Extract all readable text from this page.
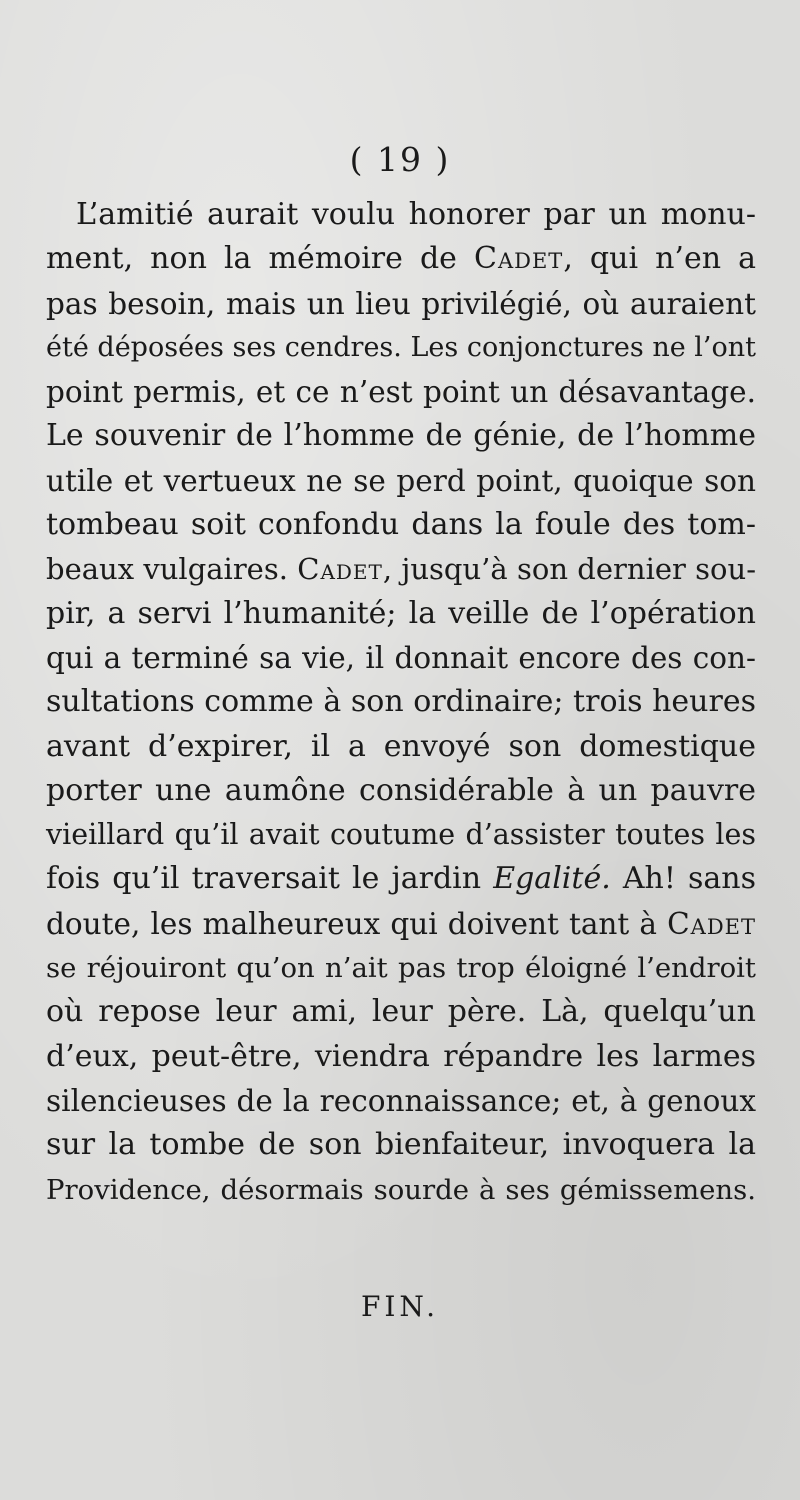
( 19 )
L’amitié aurait voulu honorer par un monu-
ment, non la mémoire de Cadet, qui n’en a
pas besoin, mais un lieu privilégié, où auraient
été déposées ses cendres. Les conjonctures ne l’ont
point permis, et ce n’est point un désavantage.
Le souvenir de l’homme de génie, de l’homme
utile et vertueux ne se perd point, quoique son
tombeau soit confondu dans la foule des tom-
beaux vulgaires. Cadet, jusqu’à son dernier sou-
pir, a servi l’humanité; la veille de l’opération
qui a terminé sa vie, il donnait encore des con-
sultations comme à son ordinaire; trois heures
avant d’expirer, il a envoyé son domestique
porter une aumône considérable à un pauvre
vieillard qu’il avait coutume d’assister toutes les
fois qu’il traversait le jardin Egalité. Ah! sans
doute, les malheureux qui doivent tant à Cadet
se réjouiront qu’on n’ait pas trop éloigné l’endroit
où repose leur ami, leur père. Là, quelqu’un
d’eux, peut-être, viendra répandre les larmes
silencieuses de la reconnaissance; et, à genoux
sur la tombe de son bienfaiteur, invoquera la
Providence, désormais sourde à ses gémissemens.
FIN.
